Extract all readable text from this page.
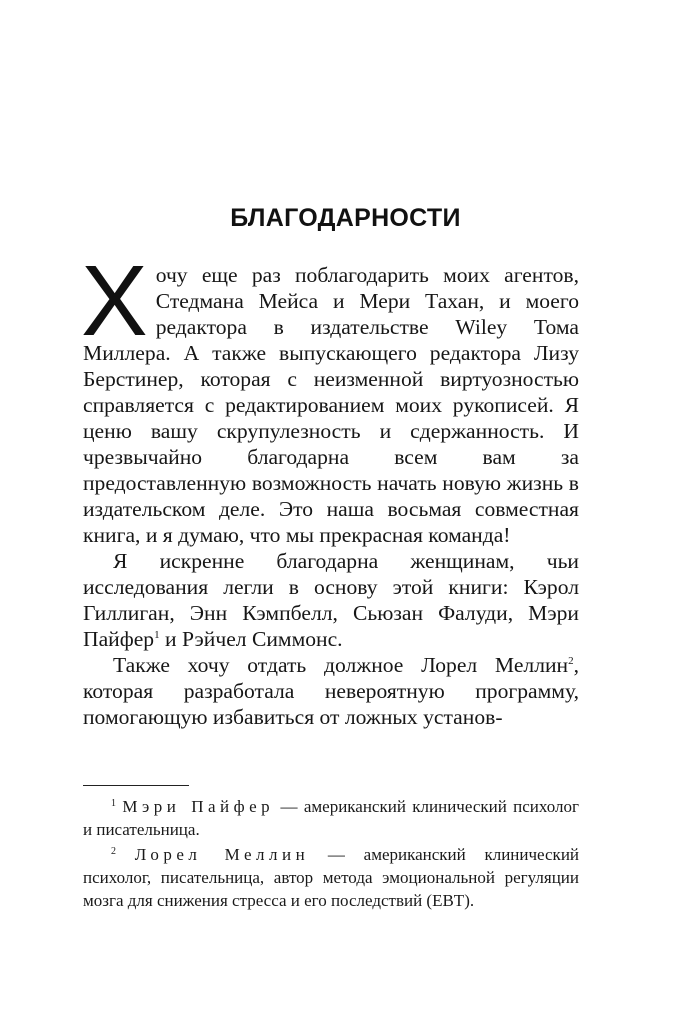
БЛАГОДАРНОСТИ

Хочу еще раз поблагодарить моих агентов, Стедмана Мейса и Мери Тахан, и моего редактора в издательстве Wiley Тома Миллера. А также выпускающего редактора Лизу Берстинер, которая с неизменной виртуозностью справляется с редактированием моих рукописей. Я ценю вашу скрупулезность и сдержанность. И чрезвычайно благодарна всем вам за предоставленную возможность начать новую жизнь в издательском деле. Это наша восьмая совместная книга, и я думаю, что мы прекрасная команда!

Я искренне благодарна женщинам, чьи исследования легли в основу этой книги: Кэрол Гиллиган, Энн Кэмпбелл, Сьюзан Фалуди, Мэри Пайфер$^1$ и Рэйчел Симмонс.

Также хочу отдать должное Лорел Меллин$^2$, которая разработала невероятную программу, помогающую избавиться от ложных установ-

$^1$ Мэри Пайфер — американский клинический психолог и писательница.

$^2$ Лорел Меллин — американский клинический психолог, писательница, автор метода эмоциональной регуляции мозга для снижения стресса и его последствий (EBT).
